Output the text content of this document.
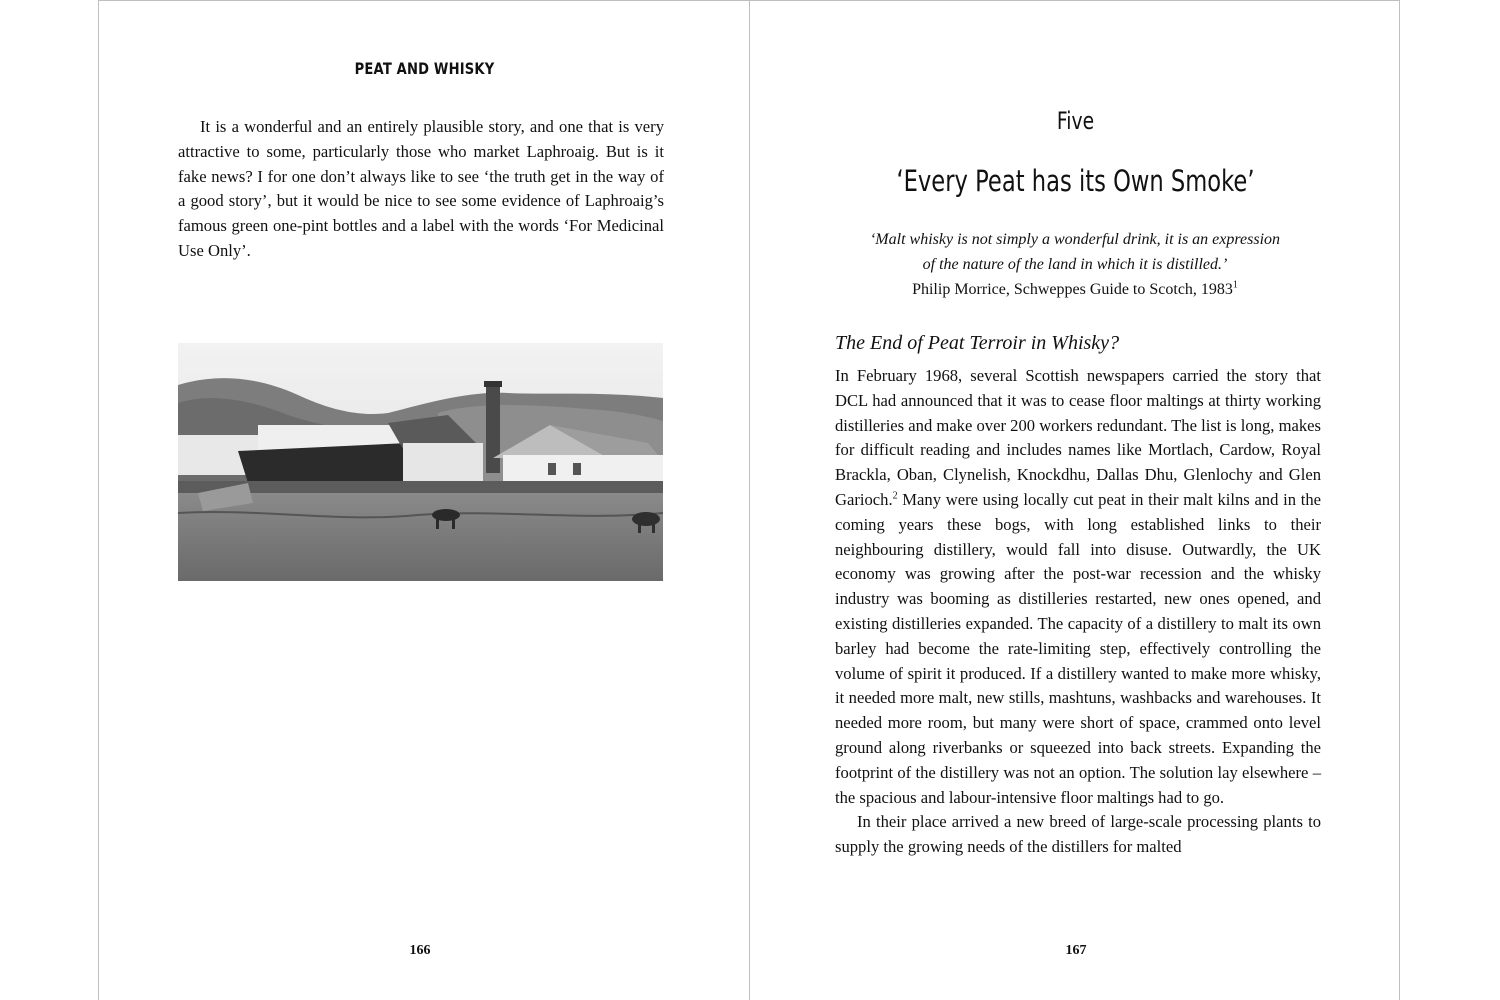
PEAT AND WHISKY

It is a wonderful and an entirely plausible story, and one that is very attractive to some, particularly those who market Laphroaig. But is it fake news? I for one don’t always like to see ‘the truth get in the way of a good story’, but it would be nice to see some evidence of Laphroaig’s famous green one-pint bottles and a label with the words ‘For Medicinal Use Only’.

166
Five
‘Every Peat has its Own Smoke’
‘Malt whisky is not simply a wonderful drink, it is an expression
of the nature of the land in which it is distilled.’
Philip Morrice, Schweppes Guide to Scotch, 1983$^1$
The End of Peat Terroir in Whisky?

In February 1968, several Scottish newspapers carried the story that DCL had announced that it was to cease floor maltings at thirty working distilleries and make over 200 workers redundant. The list is long, makes for difficult reading and includes names like Mortlach, Cardow, Royal Brackla, Oban, Clynelish, Knockdhu, Dallas Dhu, Glenlochy and Glen Garioch.$^2$ Many were using locally cut peat in their malt kilns and in the coming years these bogs, with long established links to their neighbouring distillery, would fall into disuse. Outwardly, the UK economy was growing after the post-war recession and the whisky industry was booming as distilleries restarted, new ones opened, and existing distilleries expanded. The capacity of a distillery to malt its own barley had become the rate-limiting step, effectively controlling the volume of spirit it produced. If a distillery wanted to make more whisky, it needed more malt, new stills, mashtuns, washbacks and warehouses. It needed more room, but many were short of space, crammed onto level ground along riverbanks or squeezed into back streets. Expanding the footprint of the distillery was not an option. The solution lay elsewhere – the spacious and labour-intensive floor maltings had to go.

In their place arrived a new breed of large-scale processing plants to supply the growing needs of the distillers for malted

167
